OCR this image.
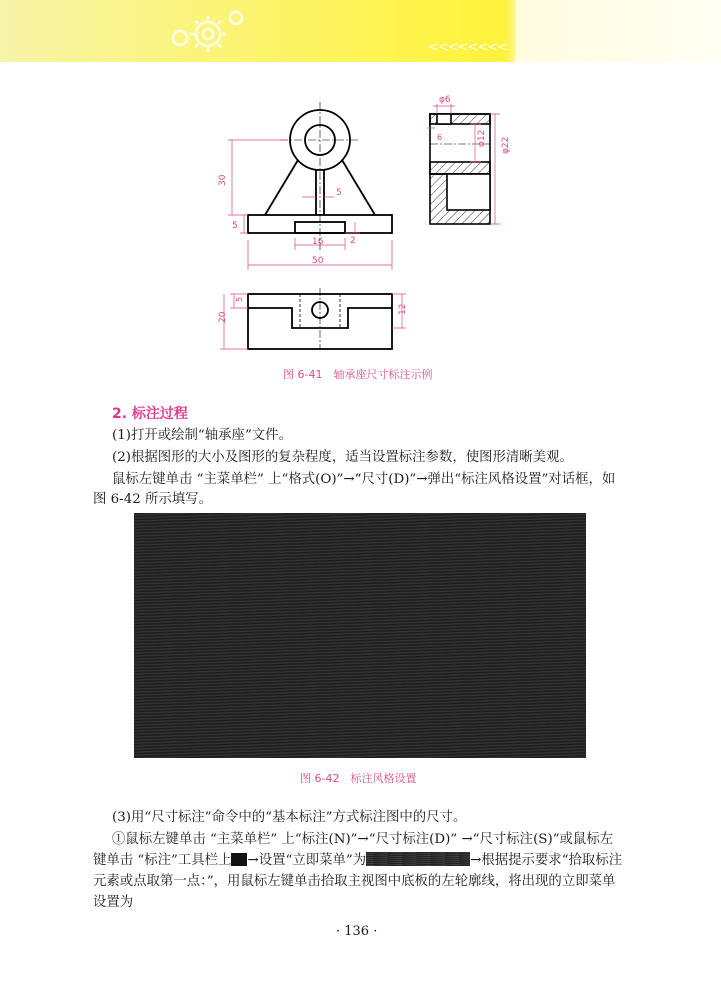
<<<<<<<<
30
5
5
16	2
50
φ6
φ12 φ22
6
5
20
12
图 6-41　轴承座尺寸标注示例
2. 标注过程
(1)打开或绘制“轴承座”文件。
(2)根据图形的大小及图形的复杂程度，适当设置标注参数，使图形清晰美观。
鼠标左键单击 “主菜单栏” 上“格式(O)”→“尺寸(D)”→弹出“标注风格设置”对话框，如
图 6-42 所示填写。
图 6-42　标注风格设置
(3)用“尺寸标注”命令中的“基本标注”方式标注图中的尺寸。
①鼠标左键单击 “主菜单栏” 上“标注(N)”→“尺寸标注(D)” →“尺寸标注(S)”或鼠标左
键单击 “标注”工具栏上 →设置“立即菜单”为	→根据提示要求“拾取标注
元素或点取第一点：”，用鼠标左键单击拾取主视图中底板的左轮廓线，将出现的立即菜单
设置为
· 136 ·
